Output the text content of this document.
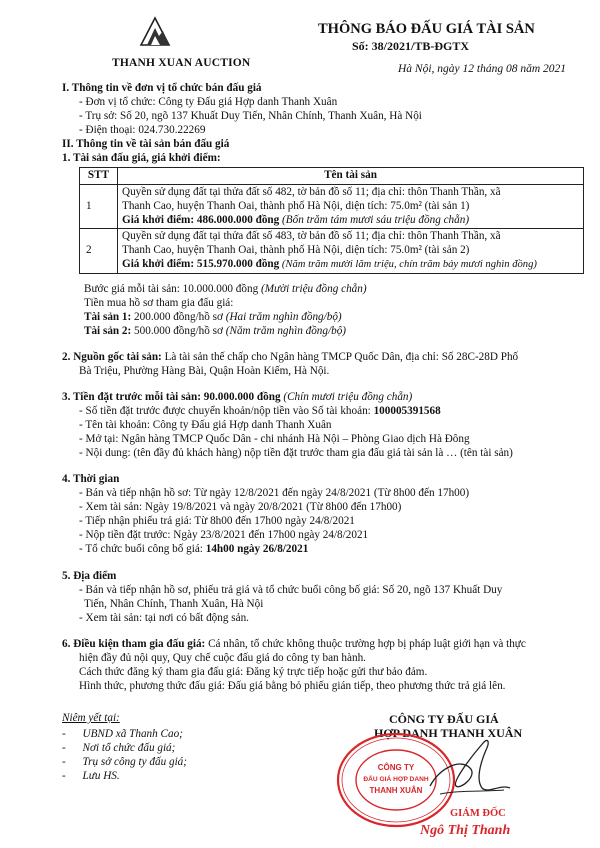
THANH XUAN AUCTION
THÔNG BÁO ĐẤU GIÁ TÀI SẢN
Số: 38/2021/TB-ĐGTX
Hà Nội, ngày 12 tháng 08 năm 2021
I. Thông tin về đơn vị tổ chức bán đấu giá
- Đơn vị tổ chức: Công ty Đấu giá Hợp danh Thanh Xuân
- Trụ sở: Số 20, ngõ 137 Khuất Duy Tiến, Nhân Chính, Thanh Xuân, Hà Nội
- Điện thoại: 024.730.22269
II. Thông tin về tài sản bán đấu giá
1. Tài sản đấu giá, giá khởi điểm:
STT	Tên tài sản
1	Quyền sử dụng đất tại thửa đất số 482, tờ bản đồ số 11; địa chỉ: thôn Thanh Thần, xã
Thanh Cao, huyện Thanh Oai, thành phố Hà Nội, diện tích: 75.0m² (tài sản 1)
Giá khởi điểm: 486.000.000 đồng (Bốn trăm tám mươi sáu triệu đồng chẵn)

2	Quyền sử dụng đất tại thửa đất số 483, tờ bản đồ số 11; địa chỉ: thôn Thanh Thần, xã
Thanh Cao, huyện Thanh Oai, thành phố Hà Nội, diện tích: 75.0m² (tài sản 2)
Giá khởi điểm: 515.970.000 đồng (Năm trăm mười lăm triệu, chín trăm bảy mươi nghìn đồng)
Bước giá mỗi tài sản: 10.000.000 đồng (Mười triệu đồng chẵn)
Tiền mua hồ sơ tham gia đấu giá:
Tài sản 1: 200.000 đồng/hồ sơ (Hai trăm nghìn đồng/bộ)
Tài sản 2: 500.000 đồng/hồ sơ (Năm trăm nghìn đồng/bộ)
2. Nguồn gốc tài sản: Là tài sản thế chấp cho Ngân hàng TMCP Quốc Dân, địa chỉ: Số 28C-28D Phố
Bà Triệu, Phường Hàng Bài, Quận Hoàn Kiếm, Hà Nội.
3. Tiền đặt trước mỗi tài sản: 90.000.000 đồng (Chín mươi triệu đồng chẵn)
- Số tiền đặt trước được chuyển khoản/nộp tiền vào Số tài khoản: 100005391568
- Tên tài khoản: Công ty Đấu giá Hợp danh Thanh Xuân
- Mở tại: Ngân hàng TMCP Quốc Dân - chi nhánh Hà Nội – Phòng Giao dịch Hà Đông
- Nội dung: (tên đầy đủ khách hàng) nộp tiền đặt trước tham gia đấu giá tài sản là … (tên tài sản)
4. Thời gian
- Bán và tiếp nhận hồ sơ: Từ ngày 12/8/2021 đến ngày 24/8/2021 (Từ 8h00 đến 17h00)
- Xem tài sản: Ngày 19/8/2021 và ngày 20/8/2021 (Từ 8h00 đến 17h00)
- Tiếp nhận phiếu trả giá: Từ 8h00 đến 17h00 ngày 24/8/2021
- Nộp tiền đặt trước: Ngày 23/8/2021 đến 17h00 ngày 24/8/2021
- Tổ chức buổi công bố giá: 14h00 ngày 26/8/2021
5. Địa điểm
- Bán và tiếp nhận hồ sơ, phiếu trả giá và tổ chức buổi công bố giá: Số 20, ngõ 137 Khuất Duy
Tiến, Nhân Chính, Thanh Xuân, Hà Nội
- Xem tài sản: tại nơi có bất động sản.
6. Điều kiện tham gia đấu giá: Cá nhân, tổ chức không thuộc trường hợp bị pháp luật giới hạn và thực
hiện đầy đủ nội quy, Quy chế cuộc đấu giá do công ty ban hành.
Cách thức đăng ký tham gia đấu giá: Đăng ký trực tiếp hoặc gửi thư bảo đảm.
Hình thức, phương thức đấu giá: Đấu giá bằng bỏ phiếu gián tiếp, theo phương thức trả giá lên.
Niêm yết tại:
-      UBND xã Thanh Cao;
-      Nơi tổ chức đấu giá;
-      Trụ sở công ty đấu giá;
-      Lưu HS.
CÔNG TY ĐẤU GIÁ
HỢP DANH THANH XUÂN
CÔNG TY
ĐẤU GIÁ HỢP DANH
THANH XUÂN
GIÁM ĐỐC
Ngô Thị Thanh
